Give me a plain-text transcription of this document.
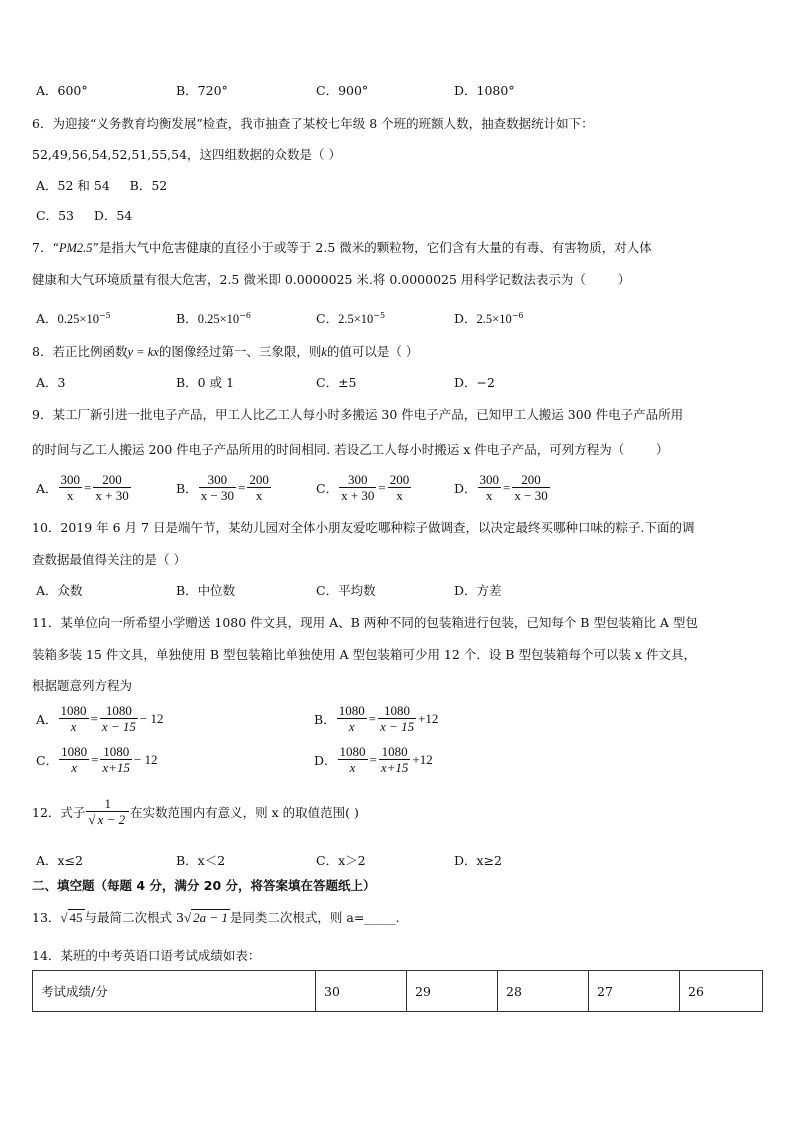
A．600°	B．720°	C．900°	D．1080°
6．为迎接“义务教育均衡发展”检查，我市抽查了某校七年级 8 个班的班额人数，抽查数据统计如下：
52,49,56,54,52,51,55,54，这四组数据的众数是（ ）
A．52 和 54     B．52
C．53     D．54
7．“PM2.5”是指大气中危害健康的直径小于或等于 2.5 微米的颗粒物，它们含有大量的有毒、有害物质，对人体
健康和大气环境质量有很大危害，2.5 微米即 0.0000025 米.将 0.0000025 用科学记数法表示为（        ）
A．$0.25\times 10^{-5}$	B．$0.25\times 10^{-6}$	C．$2.5\times 10^{-5}$	D．$2.5\times 10^{-6}$
8．若正比例函数y = kx的图像经过第一、三象限，则k的值可以是（ ）
A．3	B．0 或 1	C．±5	D．−2
9．某工厂新引进一批电子产品，甲工人比乙工人每小时多搬运 30 件电子产品，已知甲工人搬运 300 件电子产品所用
的时间与乙工人搬运 200 件电子产品所用的时间相同. 若设乙工人每小时搬运 x 件电子产品，可列方程为（        ）
A． $\frac{300}{x} = \frac{200}{x + 30}$	B． $\frac{300}{x - 30} = \frac{200}{x}$	C． $\frac{300}{x + 30} = \frac{200}{x}$	D． $\frac{300}{x} = \frac{200}{x - 30}$
10．2019 年 6 月 7 日是端午节，某幼儿园对全体小朋友爱吃哪种粽子做调查，以决定最终买哪种口味的粽子.下面的调
查数据最值得关注的是（ ）
A．众数	B．中位数	C．平均数	D．方差
11．某单位向一所希望小学赠送 1080 件文具，现用 A、B 两种不同的包装箱进行包装，已知每个 B 型包装箱比 A 型包
装箱多装 15 件文具，单独使用 B 型包装箱比单独使用 A 型包装箱可少用 12 个．设 B 型包装箱每个可以装 x 件文具，
根据题意列方程为
A． $\frac{1080}{x} = \frac{1080}{x - 15} - 12$	B． $\frac{1080}{x} = \frac{1080}{x - 15} +12$
C． $\frac{1080}{x} = \frac{1080}{x+15} - 12$	D． $\frac{1080}{x} = \frac{1080}{x+15} +12$
12．式子 $\frac{1}{√ x - 2}$ 在实数范围内有意义，则 x 的取值范围( )
A．x≤2	B．x＜2	C．x＞2	D．x≥2
二、填空题（每题 4 分，满分 20 分，将答案填在答题纸上）
13．√ 45 与最简二次根式 3√ 2a − 1 是同类二次根式，则 a=_____.
14．某班的中考英语口语考试成绩如表：
考试成绩/分	30	29	28	27	26
